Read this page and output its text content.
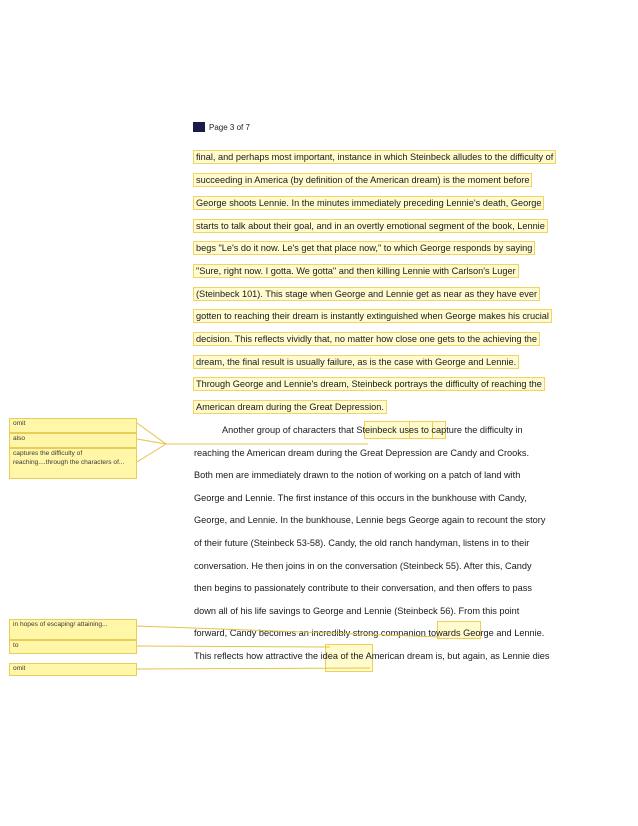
Page 3 of 7
final, and perhaps most important, instance in which Steinbeck alludes to the difficulty of
succeeding in America (by definition of the American dream) is the moment before
George shoots Lennie. In the minutes immediately preceding Lennie's death, George
starts to talk about their goal, and in an overtly emotional segment of the book, Lennie
begs "Le's do it now. Le's get that place now," to which George responds by saying
"Sure, right now. I gotta. We gotta" and then killing Lennie with Carlson's Luger
(Steinbeck 101). This stage when George and Lennie get as near as they have ever
gotten to reaching their dream is instantly extinguished when George makes his crucial
decision. This reflects vividly that, no matter how close one gets to the achieving the
dream, the final result is usually failure, as is the case with George and Lennie.
Through George and Lennie's dream, Steinbeck portrays the difficulty of reaching the
American dream during the Great Depression.
Another group of characters that Steinbeck uses to capture the difficulty in
reaching the American dream during the Great Depression are Candy and Crooks.
Both men are immediately drawn to the notion of working on a patch of land with
George and Lennie. The first instance of this occurs in the bunkhouse with Candy,
George, and Lennie. In the bunkhouse, Lennie begs George again to recount the story
of their future (Steinbeck 53-58). Candy, the old ranch handyman, listens in to their
conversation. He then joins in on the conversation (Steinbeck 55). After this, Candy
then begins to passionately contribute to their conversation, and then offers to pass
down all of his life savings to George and Lennie (Steinbeck 56). From this point
forward, Candy becomes an incredibly strong companion towards George and Lennie.
This reflects how attractive the idea of the American dream is, but again, as Lennie dies
omit
also
captures the difficulty of reaching....through the characters of...
in hopes of escaping/ attaining...
to
omit
